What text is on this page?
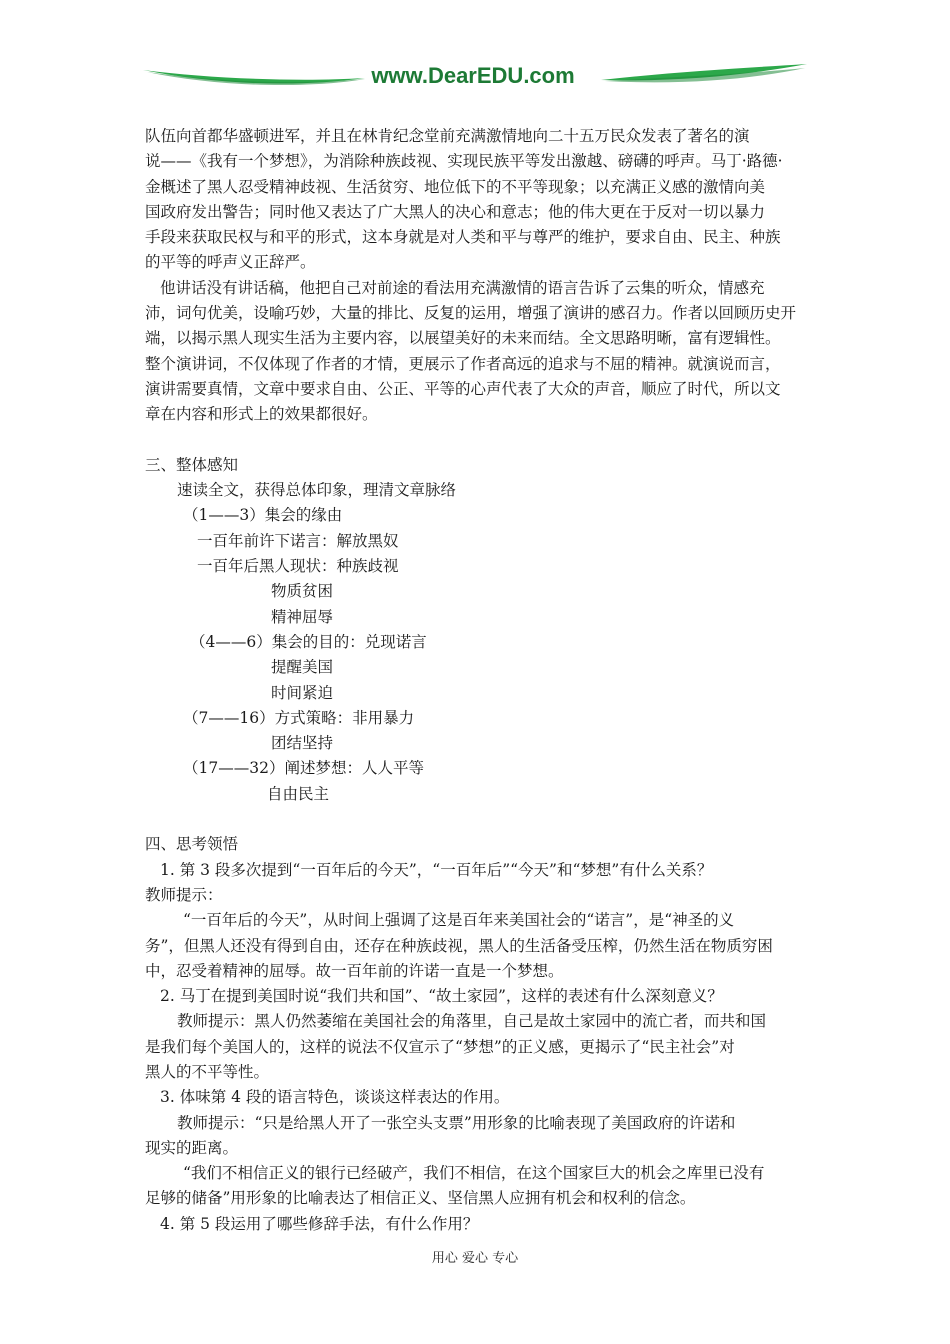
www.DearEDU.com
队伍向首都华盛顿进军，并且在林肯纪念堂前充满激情地向二十五万民众发表了著名的演
说——《我有一个梦想》，为消除种族歧视、实现民族平等发出激越、磅礴的呼声。马丁·路德·
金概述了黑人忍受精神歧视、生活贫穷、地位低下的不平等现象；以充满正义感的激情向美
国政府发出警告；同时他又表达了广大黑人的决心和意志；他的伟大更在于反对一切以暴力
手段来获取民权与和平的形式，这本身就是对人类和平与尊严的维护，要求自由、民主、种族
的平等的呼声义正辞严。
他讲话没有讲话稿，他把自己对前途的看法用充满激情的语言告诉了云集的听众，情感充
沛，词句优美，设喻巧妙，大量的排比、反复的运用，增强了演讲的感召力。作者以回顾历史开
端，以揭示黑人现实生活为主要内容，以展望美好的未来而结。全文思路明晰，富有逻辑性。
整个演讲词，不仅体现了作者的才情，更展示了作者高远的追求与不屈的精神。就演说而言，
演讲需要真情，文章中要求自由、公正、平等的心声代表了大众的声音，顺应了时代，所以文
章在内容和形式上的效果都很好。

三、整体感知
速读全文，获得总体印象，理清文章脉络
（1——3）集会的缘由
一百年前许下诺言：解放黑奴
一百年后黑人现状：种族歧视
物质贫困
精神屈辱
（4——6）集会的目的：兑现诺言
提醒美国
时间紧迫
（7——16）方式策略：非用暴力
团结坚持
（17——32）阐述梦想：人人平等
自由民主

四、思考领悟
1. 第 3 段多次提到“一百年后的今天”，“一百年后”“今天”和“梦想”有什么关系？
教师提示：
“一百年后的今天”，从时间上强调了这是百年来美国社会的“诺言”，是“神圣的义
务”，但黑人还没有得到自由，还存在种族歧视，黑人的生活备受压榨，仍然生活在物质穷困
中，忍受着精神的屈辱。故一百年前的许诺一直是一个梦想。
2. 马丁在提到美国时说“我们共和国”、“故土家园”，这样的表述有什么深刻意义？
教师提示：黑人仍然萎缩在美国社会的角落里，自己是故土家园中的流亡者，而共和国
是我们每个美国人的，这样的说法不仅宣示了“梦想”的正义感，更揭示了“民主社会”对
黑人的不平等性。
3. 体味第 4 段的语言特色，谈谈这样表达的作用。
教师提示：“只是给黑人开了一张空头支票”用形象的比喻表现了美国政府的许诺和
现实的距离。
“我们不相信正义的银行已经破产，我们不相信，在这个国家巨大的机会之库里已没有
足够的储备”用形象的比喻表达了相信正义、坚信黑人应拥有机会和权利的信念。
4. 第 5 段运用了哪些修辞手法，有什么作用？
用心 爱心 专心
